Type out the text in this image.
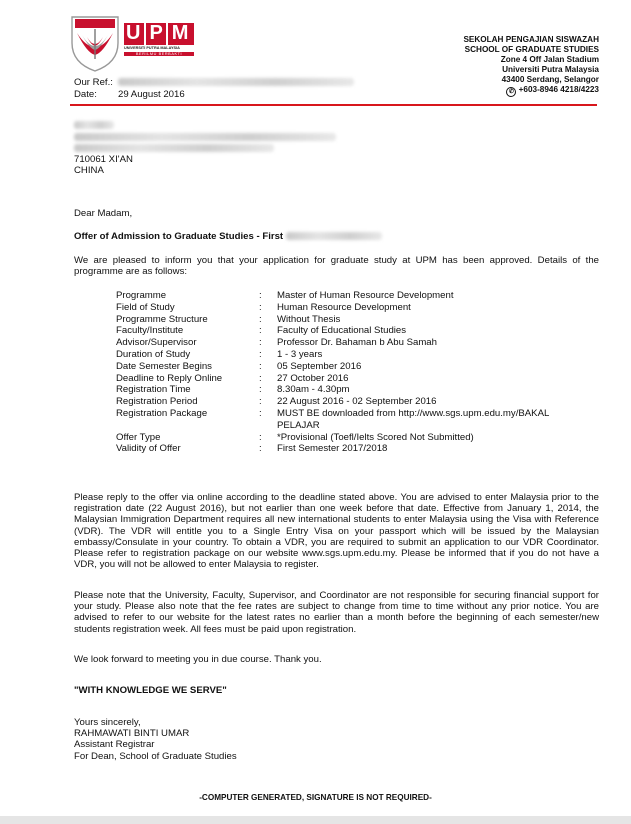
UPM
UNIVERSITI PUTRA MALAYSIA
BERILMU BERBAKTI
SEKOLAH PENGAJIAN SISWAZAH
SCHOOL OF GRADUATE STUDIES
Zone 4 Off Jalan Stadium
Universiti Putra Malaysia
43400 Serdang, Selangor
✆ +603-8946 4218/4223
Our Ref.:
Date: 29 August 2016
710061 XI'AN
CHINA
Dear Madam,
Offer of Admission to Graduate Studies - First
We are pleased to inform you that your application for graduate study at UPM has been approved. Details of the programme are as follows:
Programme	:	Master of Human Resource Development
Field of Study	:	Human Resource Development
Programme Structure	:	Without Thesis
Faculty/Institute	:	Faculty of Educational Studies
Advisor/Supervisor	:	Professor Dr. Bahaman b Abu Samah
Duration of Study	:	1 - 3 years
Date Semester Begins	:	05 September 2016
Deadline to Reply Online	:	27 October 2016
Registration Time	:	8.30am - 4.30pm
Registration Period	:	22 August 2016 - 02 September 2016
Registration Package	:	MUST BE downloaded from http://www.sgs.upm.edu.my/BAKAL PELAJAR
Offer Type	:	*Provisional (Toefl/Ielts Scored Not Submitted)
Validity of Offer	:	First Semester 2017/2018
Please reply to the offer via online according to the deadline stated above. You are advised to enter Malaysia prior to the registration date (22 August 2016), but not earlier than one week before that date. Effective from January 1, 2014, the Malaysian Immigration Department requires all new international students to enter Malaysia using the Visa with Reference (VDR). The VDR will entitle you to a Single Entry Visa on your passport which will be issued by the Malaysian embassy/Consulate in your country. To obtain a VDR, you are required to submit an application to our VDR Coordinator. Please refer to registration package on our website www.sgs.upm.edu.my. Please be informed that if you do not have a VDR, you will not be allowed to enter Malaysia to register.
Please note that the University, Faculty, Supervisor, and Coordinator are not responsible for securing financial support for your study. Please also note that the fee rates are subject to change from time to time without any prior notice. You are advised to refer to our website for the latest rates no earlier than a month before the beginning of each semester/new students registration week. All fees must be paid upon registration.
We look forward to meeting you in due course. Thank you.
"WITH KNOWLEDGE WE SERVE"
Yours sincerely,
RAHMAWATI BINTI UMAR
Assistant Registrar
For Dean, School of Graduate Studies
-COMPUTER GENERATED, SIGNATURE IS NOT REQUIRED-
